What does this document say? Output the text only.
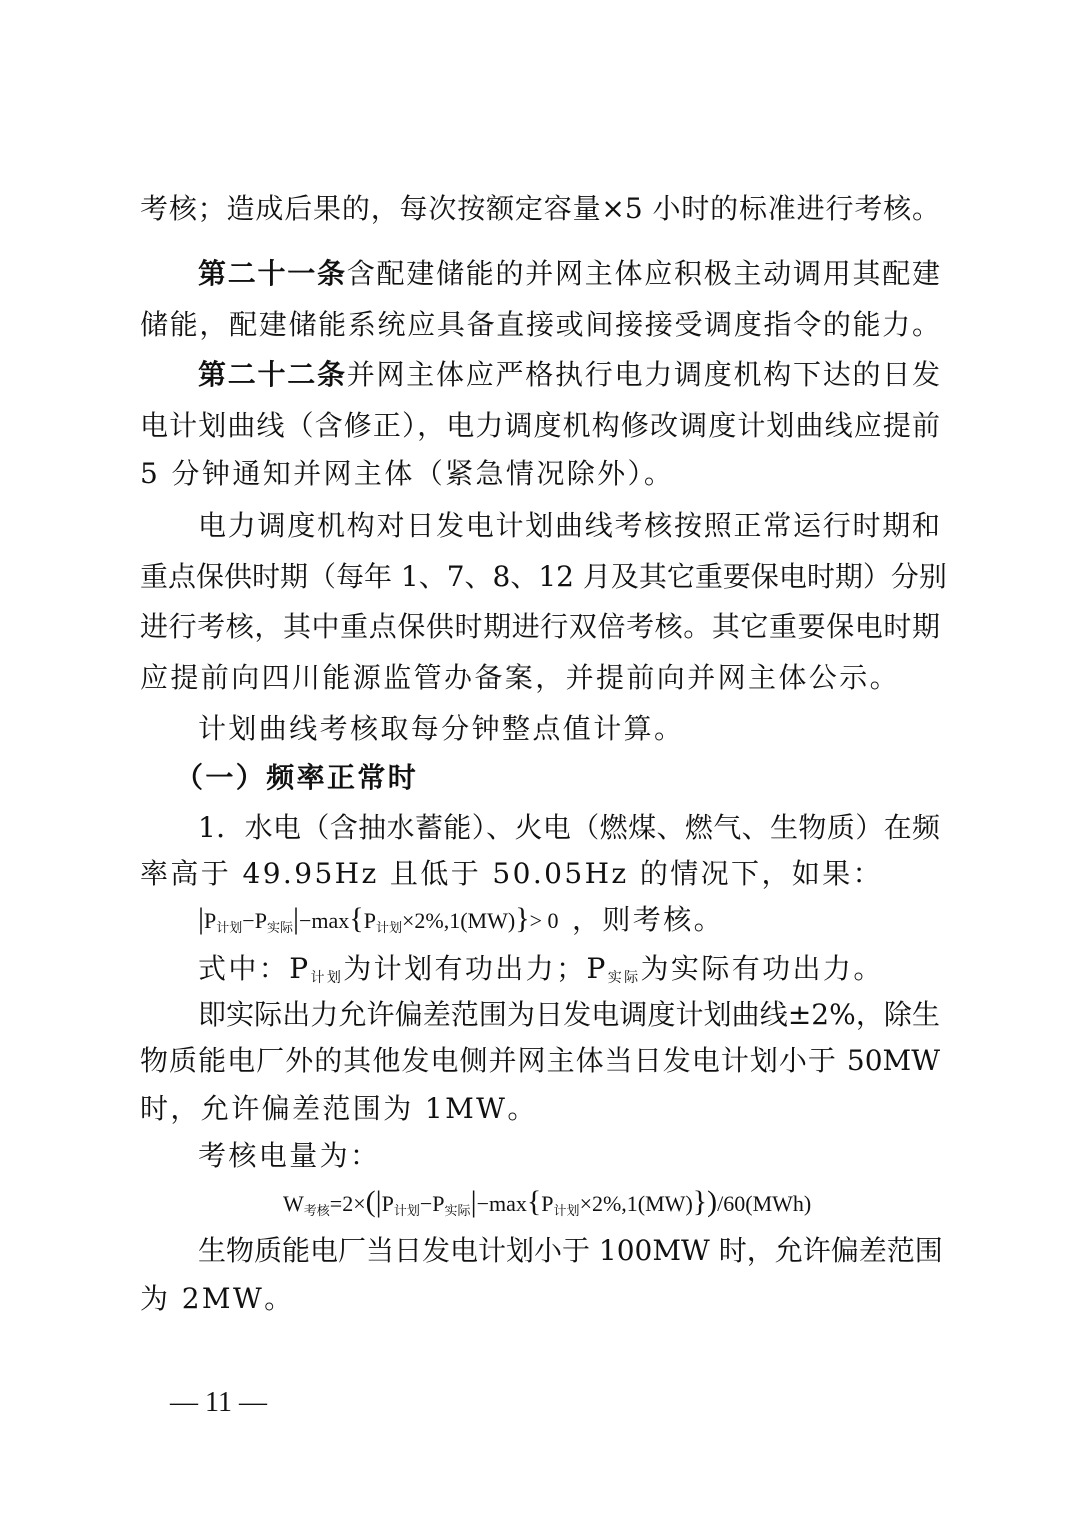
考核；造成后果的，每次按额定容量×5 小时的标准进行考核。
第二十一条含配建储能的并网主体应积极主动调用其配建
储能，配建储能系统应具备直接或间接接受调度指令的能力。
第二十二条并网主体应严格执行电力调度机构下达的日发
电计划曲线（含修正），电力调度机构修改调度计划曲线应提前
5 分钟通知并网主体（紧急情况除外）。
电力调度机构对日发电计划曲线考核按照正常运行时期和
重点保供时期（每年 1、7、8、12 月及其它重要保电时期）分别
进行考核，其中重点保供时期进行双倍考核。其它重要保电时期
应提前向四川能源监管办备案，并提前向并网主体公示。
计划曲线考核取每分钟整点值计算。
（一）频率正常时
1．水电（含抽水蓄能）、火电（燃煤、燃气、生物质）在频
率高于 49.95Hz 且低于 50.05Hz 的情况下，如果：
$|P_{计划}-P_{实际}|-\max\{P_{计划}\times 2\%,1(MW)\}> 0$ ，则考核。
式中：P计划为计划有功出力；P实际为实际有功出力。
即实际出力允许偏差范围为日发电调度计划曲线±2%，除生
物质能电厂外的其他发电侧并网主体当日发电计划小于 50MW
时，允许偏差范围为 1MW。
考核电量为：
$W_{考核}=2\times(|P_{计划}-P_{实际}|-\max\{P_{计划}\times 2\%,1(MW)\})/60(MWh)$
生物质能电厂当日发电计划小于 100MW 时，允许偏差范围
为 2MW。
— 11 —
